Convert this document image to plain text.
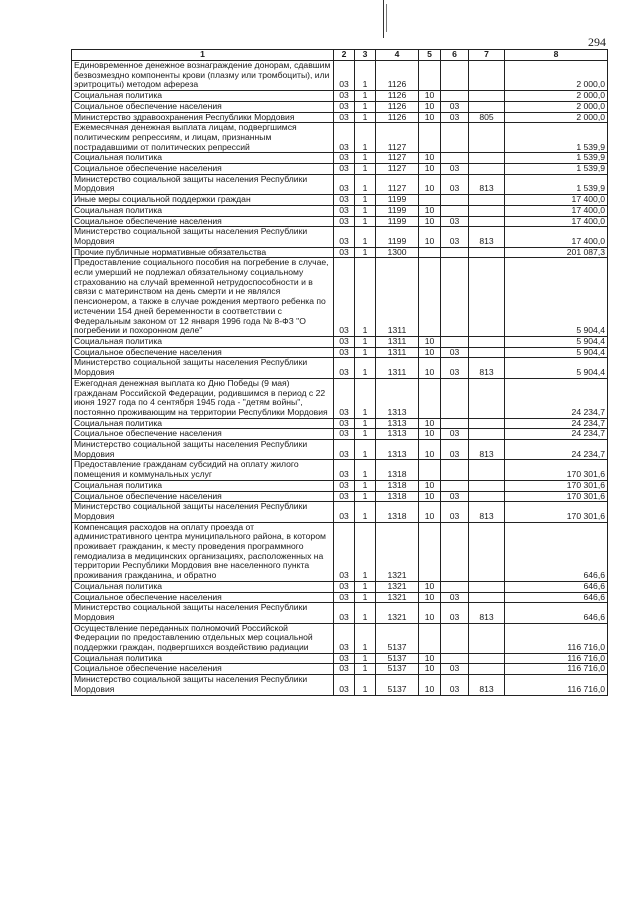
294
1	2	3	4	5	6	7	8
Единовременное денежное вознаграждение донорам, сдавшим безвозмездно компоненты крови (плазму или тромбоциты), или эритроциты) методом афереза	03	1	1126				2 000,0
Социальная политика	03	1	1126	10			2 000,0
Социальное обеспечение населения	03	1	1126	10	03		2 000,0
Министерство здравоохранения Республики Мордовия	03	1	1126	10	03	805	2 000,0
Ежемесячная денежная выплата лицам, подвергшимся политическим репрессиям, и лицам, признанным пострадавшими от политических репрессий	03	1	1127				1 539,9
Социальная политика	03	1	1127	10			1 539,9
Социальное обеспечение населения	03	1	1127	10	03		1 539,9
Министерство социальной защиты населения Республики Мордовия	03	1	1127	10	03	813	1 539,9
Иные меры социальной поддержки граждан	03	1	1199				17 400,0
Социальная политика	03	1	1199	10			17 400,0
Социальное обеспечение населения	03	1	1199	10	03		17 400,0
Министерство социальной защиты населения Республики Мордовия	03	1	1199	10	03	813	17 400,0
Прочие публичные нормативные обязательства	03	1	1300				201 087,3
Предоставление социального пособия на погребение в случае, если умерший не подлежал обязательному социальному страхованию на случай временной нетрудоспособности и в связи с материнством на день смерти и не являлся пенсионером, а также в случае рождения мертвого ребенка по истечении 154 дней беременности в соответствии с Федеральным законом от 12 января 1996 года № 8-ФЗ "О погребении и похоронном деле"	03	1	1311				5 904,4
Социальная политика	03	1	1311	10			5 904,4
Социальное обеспечение населения	03	1	1311	10	03		5 904,4
Министерство социальной защиты населения Республики Мордовия	03	1	1311	10	03	813	5 904,4
Ежегодная денежная выплата ко Дню Победы (9 мая) гражданам Российской Федерации, родившимся в период с 22 июня 1927 года по 4 сентября 1945 года - "детям войны", постоянно проживающим на территории Республики Мордовия	03	1	1313				24 234,7
Социальная политика	03	1	1313	10			24 234,7
Социальное обеспечение населения	03	1	1313	10	03		24 234,7
Министерство социальной защиты населения Республики Мордовия	03	1	1313	10	03	813	24 234,7
Предоставление гражданам субсидий на оплату жилого помещения и коммунальных услуг	03	1	1318				170 301,6
Социальная политика	03	1	1318	10			170 301,6
Социальное обеспечение населения	03	1	1318	10	03		170 301,6
Министерство социальной защиты населения Республики Мордовия	03	1	1318	10	03	813	170 301,6
Компенсация расходов на оплату проезда от административного центра муниципального района, в котором проживает гражданин, к месту проведения программного гемодиализа в медицинских организациях, расположенных на территории Республики Мордовия вне населенного пункта проживания гражданина, и обратно	03	1	1321				646,6
Социальная политика	03	1	1321	10			646,6
Социальное обеспечение населения	03	1	1321	10	03		646,6
Министерство социальной защиты населения Республики Мордовия	03	1	1321	10	03	813	646,6
Осуществление переданных полномочий Российской Федерации по предоставлению отдельных мер социальной поддержки граждан, подвергшихся воздействию радиации	03	1	5137				116 716,0
Социальная политика	03	1	5137	10			116 716,0
Социальное обеспечение населения	03	1	5137	10	03		116 716,0
Министерство социальной защиты населения Республики Мордовия	03	1	5137	10	03	813	116 716,0
